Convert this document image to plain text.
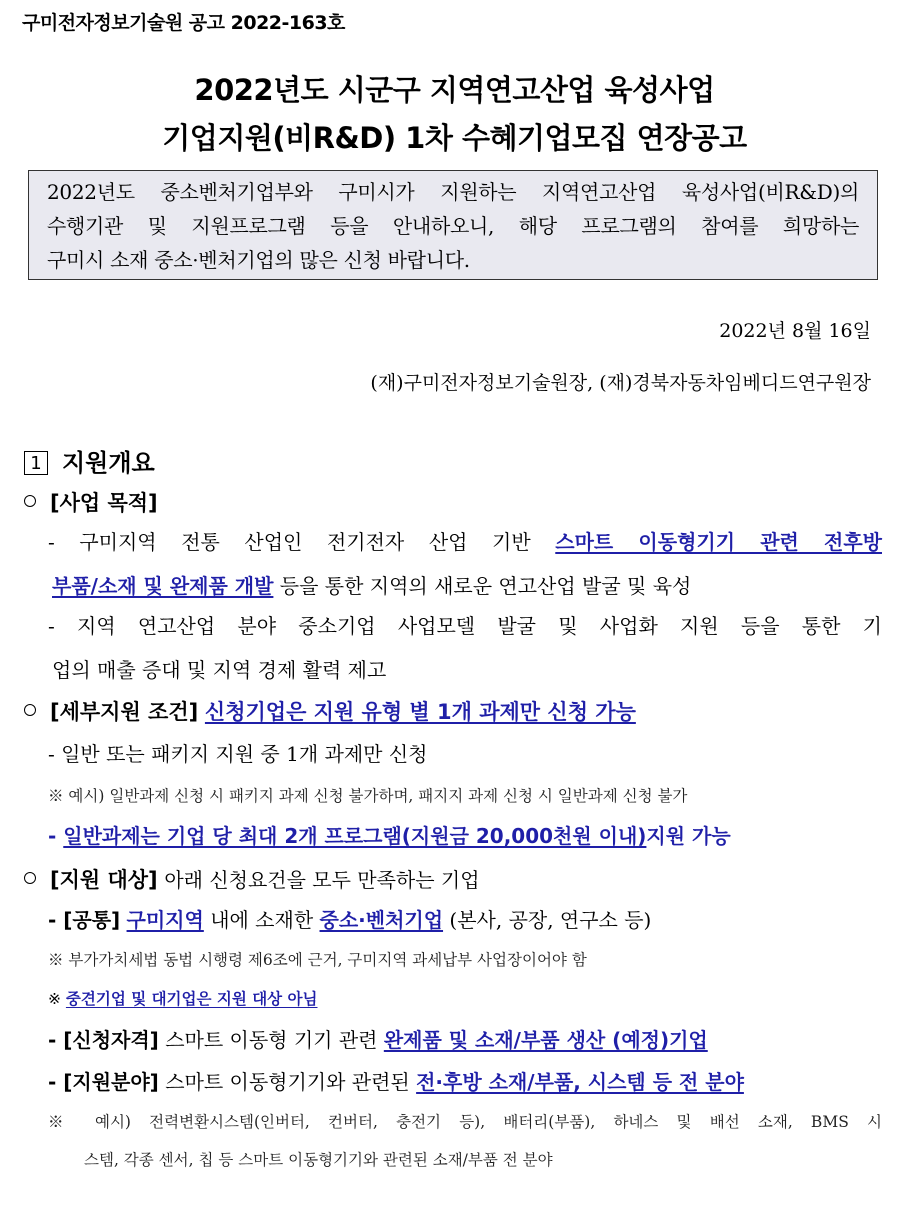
구미전자정보기술원 공고 2022-163호
2022년도 시군구 지역연고산업 육성사업
기업지원(비R&D) 1차 수혜기업모집 연장공고
2022년도 중소벤처기업부와 구미시가 지원하는 지역연고산업 육성사업(비R&D)의
수행기관 및 지원프로그램 등을 안내하오니, 해당 프로그램의 참여를 희망하는
구미시 소재 중소·벤처기업의 많은 신청 바랍니다.
2022년 8월 16일
(재)구미전자정보기술원장, (재)경북자동차임베디드연구원장
1 지원개요
[사업 목적]
- 구미지역 전통 산업인 전기전자 산업 기반 스마트 이동형기기 관련 전후방
부품/소재 및 완제품 개발 등을 통한 지역의 새로운 연고산업 발굴 및 육성
- 지역 연고산업 분야 중소기업 사업모델 발굴 및 사업화 지원 등을 통한 기
업의 매출 증대 및 지역 경제 활력 제고
[세부지원 조건] 신청기업은 지원 유형 별 1개 과제만 신청 가능
- 일반 또는 패키지 지원 중 1개 과제만 신청
※ 예시) 일반과제 신청 시 패키지 과제 신청 불가하며, 패지지 과제 신청 시 일반과제 신청 불가
- 일반과제는 기업 당 최대 2개 프로그램(지원금 20,000천원 이내)지원 가능
[지원 대상] 아래 신청요건을 모두 만족하는 기업
- [공통] 구미지역 내에 소재한 중소·벤처기업 (본사, 공장, 연구소 등)
※ 부가가치세법 동법 시행령 제6조에 근거, 구미지역 과세납부 사업장이어야 함
※ 중견기업 및 대기업은 지원 대상 아님
- [신청자격] 스마트 이동형 기기 관련 완제품 및 소재/부품 생산 (예정)기업
- [지원분야] 스마트 이동형기기와 관련된 전·후방 소재/부품, 시스템 등 전 분야
※ 예시) 전력변환시스템(인버터, 컨버터, 충전기 등), 배터리(부품), 하네스 및 배선 소재, BMS 시
스템, 각종 센서, 칩 등 스마트 이동형기기와 관련된 소재/부품 전 분야
